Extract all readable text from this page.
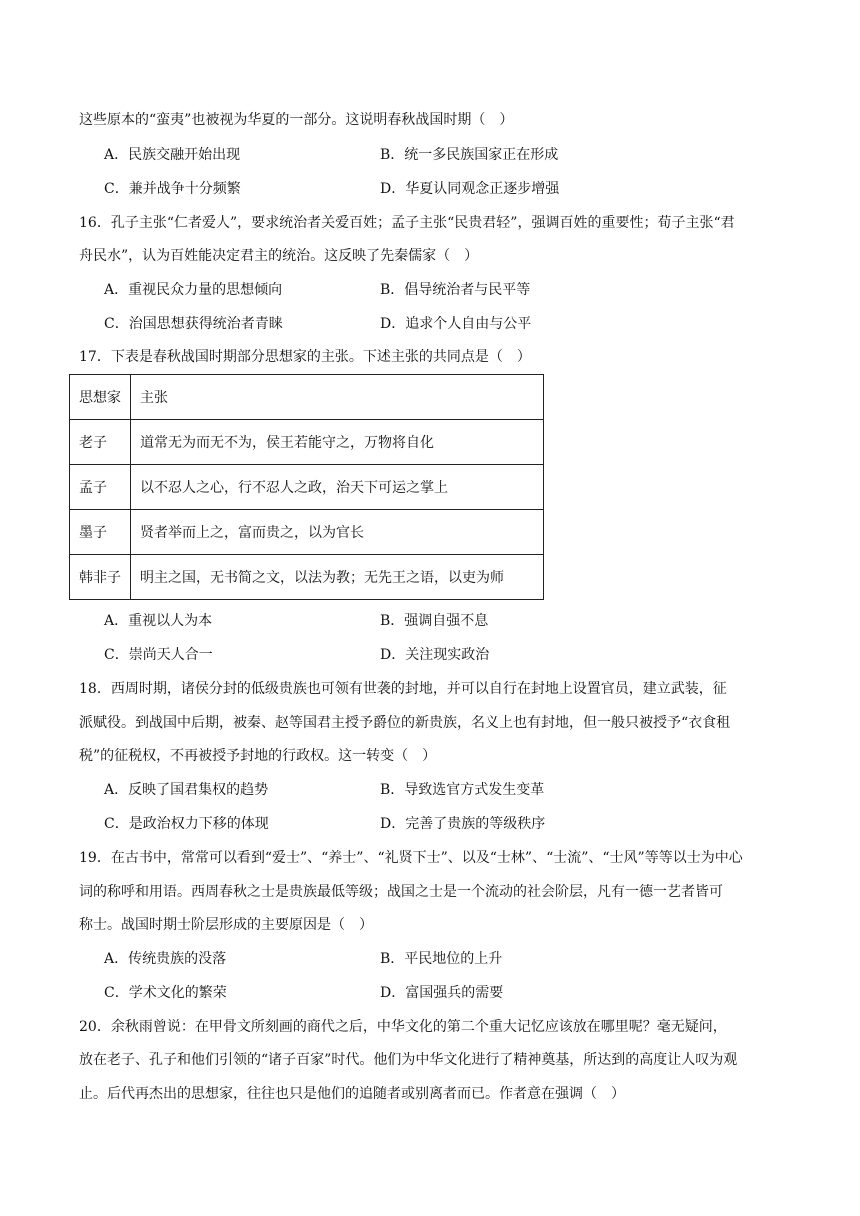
这些原本的“蛮夷”也被视为华夏的一部分。这说明春秋战国时期（　）
A．民族交融开始出现	B．统一多民族国家正在形成
C．兼并战争十分频繁	D．华夏认同观念正逐步增强
16．孔子主张“仁者爱人”，要求统治者关爱百姓；孟子主张“民贵君轻”，强调百姓的重要性；荀子主张“君
舟民水”，认为百姓能决定君主的统治。这反映了先秦儒家（　）
A．重视民众力量的思想倾向	B．倡导统治者与民平等
C．治国思想获得统治者青睐	D．追求个人自由与公平
17．下表是春秋战国时期部分思想家的主张。下述主张的共同点是（　）
思想家	主张
老子	道常无为而无不为，侯王若能守之，万物将自化
孟子	以不忍人之心，行不忍人之政，治天下可运之掌上
墨子	贤者举而上之，富而贵之，以为官长
韩非子	明主之国，无书简之文，以法为教；无先王之语，以吏为师
A．重视以人为本	B．强调自强不息
C．崇尚天人合一	D．关注现实政治
18．西周时期，诸侯分封的低级贵族也可领有世袭的封地，并可以自行在封地上设置官员，建立武装，征
派赋役。到战国中后期，被秦、赵等国君主授予爵位的新贵族，名义上也有封地，但一般只被授予“衣食租
税”的征税权，不再被授予封地的行政权。这一转变（　）
A．反映了国君集权的趋势	B．导致选官方式发生变革
C．是政治权力下移的体现	D．完善了贵族的等级秩序
19．在古书中，常常可以看到“爱士”、“养士”、“礼贤下士”、以及“士林”、“士流”、“士风”等等以士为中心
词的称呼和用语。西周春秋之士是贵族最低等级；战国之士是一个流动的社会阶层，凡有一德一艺者皆可
称士。战国时期士阶层形成的主要原因是（　）
A．传统贵族的没落	B．平民地位的上升
C．学术文化的繁荣	D．富国强兵的需要
20．余秋雨曾说：在甲骨文所刻画的商代之后，中华文化的第二个重大记忆应该放在哪里呢？毫无疑问，
放在老子、孔子和他们引领的“诸子百家”时代。他们为中华文化进行了精神奠基，所达到的高度让人叹为观
止。后代再杰出的思想家，往往也只是他们的追随者或别离者而已。作者意在强调（　）
